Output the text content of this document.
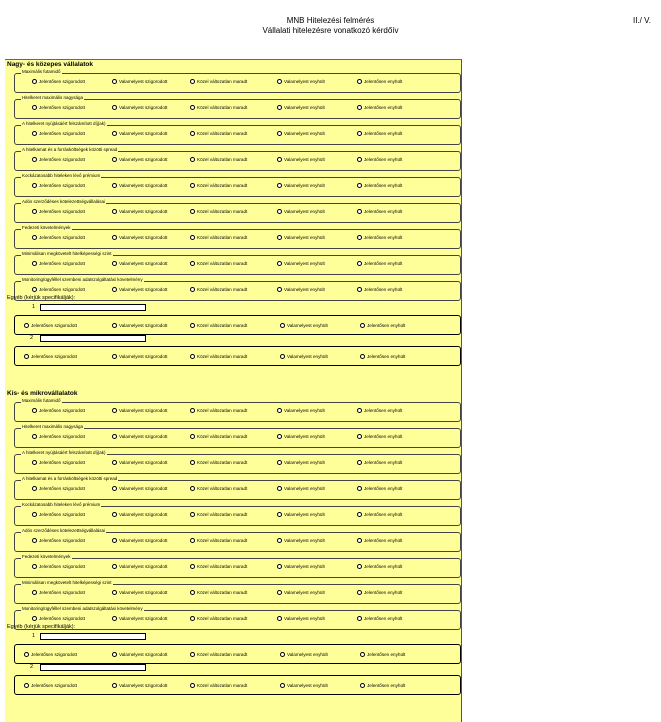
MNB Hitelezési felmérés
Vállalati hitelezésre vonatkozó kérdőív
II./ V.
Nagy- és közepes vállalatok
Maximális futamidő
Jelentősen szigorodott	Valamelyest szigorodott	Közel változatlan maradt	Valamelyest enyhült	Jelentősen enyhült
Hitelkeret maximális nagysága
Jelentősen szigorodott	Valamelyest szigorodott	Közel változatlan maradt	Valamelyest enyhült	Jelentősen enyhült
A hitelkeret nyújtásáért felszámított díj(ak)
Jelentősen szigorodott	Valamelyest szigorodott	Közel változatlan maradt	Valamelyest enyhült	Jelentősen enyhült
A hitelkamat és a forrásköltségek közötti spread
Jelentősen szigorodott	Valamelyest szigorodott	Közel változatlan maradt	Valamelyest enyhült	Jelentősen enyhült
Kockázatosabb hiteleken lévő prémium
Jelentősen szigorodott	Valamelyest szigorodott	Közel változatlan maradt	Valamelyest enyhült	Jelentősen enyhült
Adós szerződéses kötelezettségvállalásai
Jelentősen szigorodott	Valamelyest szigorodott	Közel változatlan maradt	Valamelyest enyhült	Jelentősen enyhült
Fedezeti követelmények
Jelentősen szigorodott	Valamelyest szigorodott	Közel változatlan maradt	Valamelyest enyhült	Jelentősen enyhült
Minimálisan megkövetelt hitelképességi szint
Jelentősen szigorodott	Valamelyest szigorodott	Közel változatlan maradt	Valamelyest enyhült	Jelentősen enyhült
Monitoring/ügyféllel szembeni adatszolgáltatási követelmény
Jelentősen szigorodott	Valamelyest szigorodott	Közel változatlan maradt	Valamelyest enyhült	Jelentősen enyhült
Egyéb (kérjük specifikálják):
1
Jelentősen szigorodott	Valamelyest szigorodott	Közel változatlan maradt	Valamelyest enyhült	Jelentősen enyhült
2
Jelentősen szigorodott	Valamelyest szigorodott	Közel változatlan maradt	Valamelyest enyhült	Jelentősen enyhült
Kis- és mikrovállalatok
Maximális futamidő
Jelentősen szigorodott	Valamelyest szigorodott	Közel változatlan maradt	Valamelyest enyhült	Jelentősen enyhült
Hitelkeret maximális nagysága
Jelentősen szigorodott	Valamelyest szigorodott	Közel változatlan maradt	Valamelyest enyhült	Jelentősen enyhült
A hitelkeret nyújtásáért felszámított díj(ak)
Jelentősen szigorodott	Valamelyest szigorodott	Közel változatlan maradt	Valamelyest enyhült	Jelentősen enyhült
A hitelkamat és a forrásköltségek közötti spread
Jelentősen szigorodott	Valamelyest szigorodott	Közel változatlan maradt	Valamelyest enyhült	Jelentősen enyhült
Kockázatosabb hiteleken lévő prémium
Jelentősen szigorodott	Valamelyest szigorodott	Közel változatlan maradt	Valamelyest enyhült	Jelentősen enyhült
Adós szerződéses kötelezettségvállalásai
Jelentősen szigorodott	Valamelyest szigorodott	Közel változatlan maradt	Valamelyest enyhült	Jelentősen enyhült
Fedezeti követelmények
Jelentősen szigorodott	Valamelyest szigorodott	Közel változatlan maradt	Valamelyest enyhült	Jelentősen enyhült
Minimálisan megkövetelt hitelképességi szint
Jelentősen szigorodott	Valamelyest szigorodott	Közel változatlan maradt	Valamelyest enyhült	Jelentősen enyhült
Monitoring/ügyféllel szembeni adatszolgáltatási követelmény
Jelentősen szigorodott	Valamelyest szigorodott	Közel változatlan maradt	Valamelyest enyhült	Jelentősen enyhült
Egyéb (kérjük specifikálják):
1
Jelentősen szigorodott	Valamelyest szigorodott	Közel változatlan maradt	Valamelyest enyhült	Jelentősen enyhült
2
Jelentősen szigorodott	Valamelyest szigorodott	Közel változatlan maradt	Valamelyest enyhült	Jelentősen enyhült
